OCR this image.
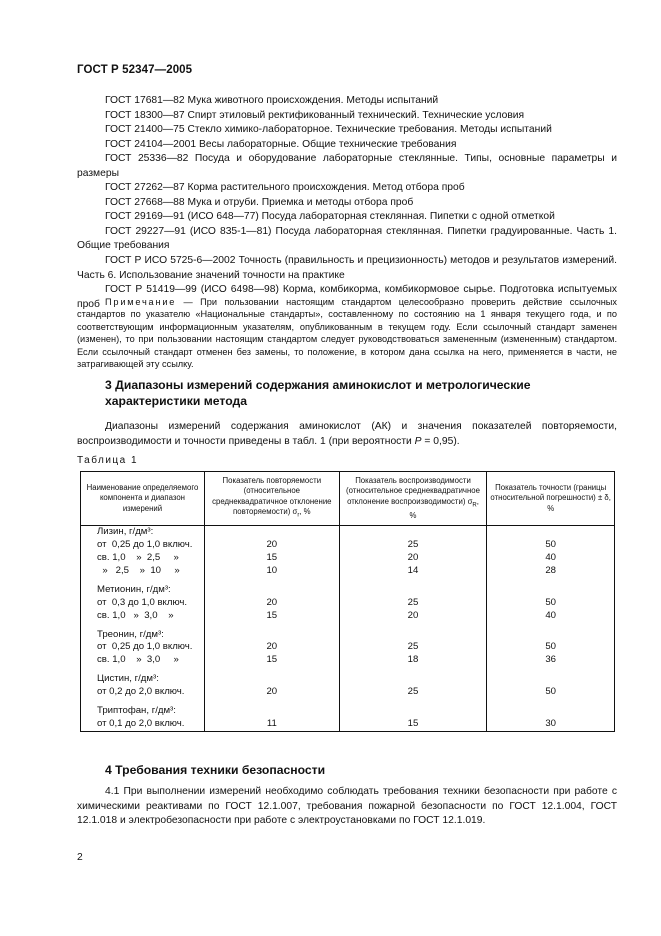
ГОСТ Р 52347—2005

ГОСТ 17681—82 Мука животного происхождения. Методы испытаний

ГОСТ 18300—87 Спирт этиловый ректификованный технический. Технические условия

ГОСТ 21400—75 Стекло химико-лабораторное. Технические требования. Методы испытаний

ГОСТ 24104—2001 Весы лабораторные. Общие технические требования

ГОСТ 25336—82 Посуда и оборудование лабораторные стеклянные. Типы, основные параметры и размеры

ГОСТ 27262—87 Корма растительного происхождения. Метод отбора проб

ГОСТ 27668—88 Мука и отруби. Приемка и методы отбора проб

ГОСТ 29169—91 (ИСО 648—77) Посуда лабораторная стеклянная. Пипетки с одной отметкой

ГОСТ 29227—91 (ИСО 835-1—81) Посуда лабораторная стеклянная. Пипетки градуированные. Часть 1. Общие требования

ГОСТ Р ИСО 5725-6—2002 Точность (правильность и прецизионность) методов и результатов измерений. Часть 6. Использование значений точности на практике

ГОСТ Р 51419—99 (ИСО 6498—98) Корма, комбикорма, комбикормовое сырье. Подготовка испытуемых проб Примечание — При пользовании настоящим стандартом целесообразно проверить действие ссылочных стандартов по указателю «Национальные стандарты», составленному по состоянию на 1 января текущего года, и по соответствующим информационным указателям, опубликованным в текущем году. Если ссылочный стандарт заменен (изменен), то при пользовании настоящим стандартом следует руководствоваться замененным (измененным) стандартом. Если ссылочный стандарт отменен без замены, то положение, в котором дана ссылка на него, применяется в части, не затрагивающей эту ссылку.

3 Диапазоны измерений содержания аминокислот и метрологические характеристики метода

Диапазоны измерений содержания аминокислот (АК) и значения показателей повторяемости, воспроизводимости и точности приведены в табл. 1 (при вероятности P = 0,95).

Таблица 1
Наименование определяемого компонента и диапазон измерений	Показатель повторяемости (относительное среднеквадратичное отклонение повторяемости) $\sigma_r$, %	Показатель воспроизводимости (относительное среднеквадратичное отклонение воспроизводимости) $\sigma_R$, %	Показатель точности (границы относительной погрешности) ± δ, %
Лизин, г/дм³:			
от  0,25 до 1,0 включ.	20	25	50
св. 1,0    »  2,5     »	15	20	40
»   2,5    »  10     »	10	14	28

Метионин, г/дм³:			
от  0,3 до 1,0 включ.	20	25	50
св. 1,0   »  3,0    »	15	20	40

Треонин, г/дм³:			
от  0,25 до 1,0 включ.	20	25	50
св. 1,0    »  3,0     »	15	18	36

Цистин, г/дм³:			
от 0,2 до 2,0 включ.	20	25	50

Триптофан, г/дм³:			
от 0,1 до 2,0 включ.	11	15	30
4 Требования техники безопасности

4.1 При выполнении измерений необходимо соблюдать требования техники безопасности при работе с химическими реактивами по ГОСТ 12.1.007, требования пожарной безопасности по ГОСТ 12.1.004, ГОСТ 12.1.018 и электробезопасности при работе с электроустановками по ГОСТ 12.1.019.

2
